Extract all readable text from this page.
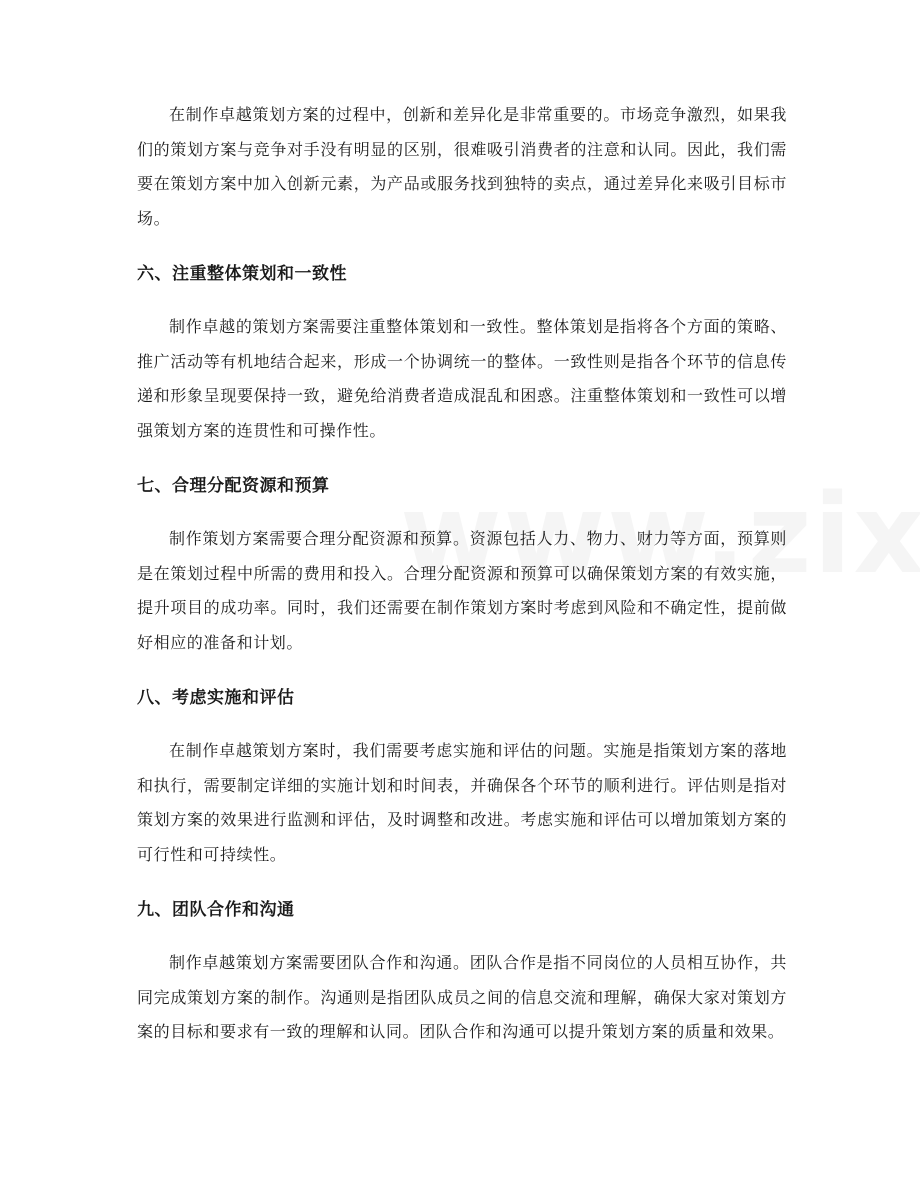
在制作卓越策划方案的过程中，创新和差异化是非常重要的。市场竞争激烈，如果我们的策划方案与竞争对手没有明显的区别，很难吸引消费者的注意和认同。因此，我们需要在策划方案中加入创新元素，为产品或服务找到独特的卖点，通过差异化来吸引目标市场。

六、注重整体策划和一致性

制作卓越的策划方案需要注重整体策划和一致性。整体策划是指将各个方面的策略、推广活动等有机地结合起来，形成一个协调统一的整体。一致性则是指各个环节的信息传递和形象呈现要保持一致，避免给消费者造成混乱和困惑。注重整体策划和一致性可以增强策划方案的连贯性和可操作性。

七、合理分配资源和预算

制作策划方案需要合理分配资源和预算。资源包括人力、物力、财力等方面，预算则是在策划过程中所需的费用和投入。合理分配资源和预算可以确保策划方案的有效实施，提升项目的成功率。同时，我们还需要在制作策划方案时考虑到风险和不确定性，提前做好相应的准备和计划。

八、考虑实施和评估

在制作卓越策划方案时，我们需要考虑实施和评估的问题。实施是指策划方案的落地和执行，需要制定详细的实施计划和时间表，并确保各个环节的顺利进行。评估则是指对策划方案的效果进行监测和评估，及时调整和改进。考虑实施和评估可以增加策划方案的可行性和可持续性。

九、团队合作和沟通

制作卓越策划方案需要团队合作和沟通。团队合作是指不同岗位的人员相互协作，共同完成策划方案的制作。沟通则是指团队成员之间的信息交流和理解，确保大家对策划方案的目标和要求有一致的理解和认同。团队合作和沟通可以提升策划方案的质量和效果。
